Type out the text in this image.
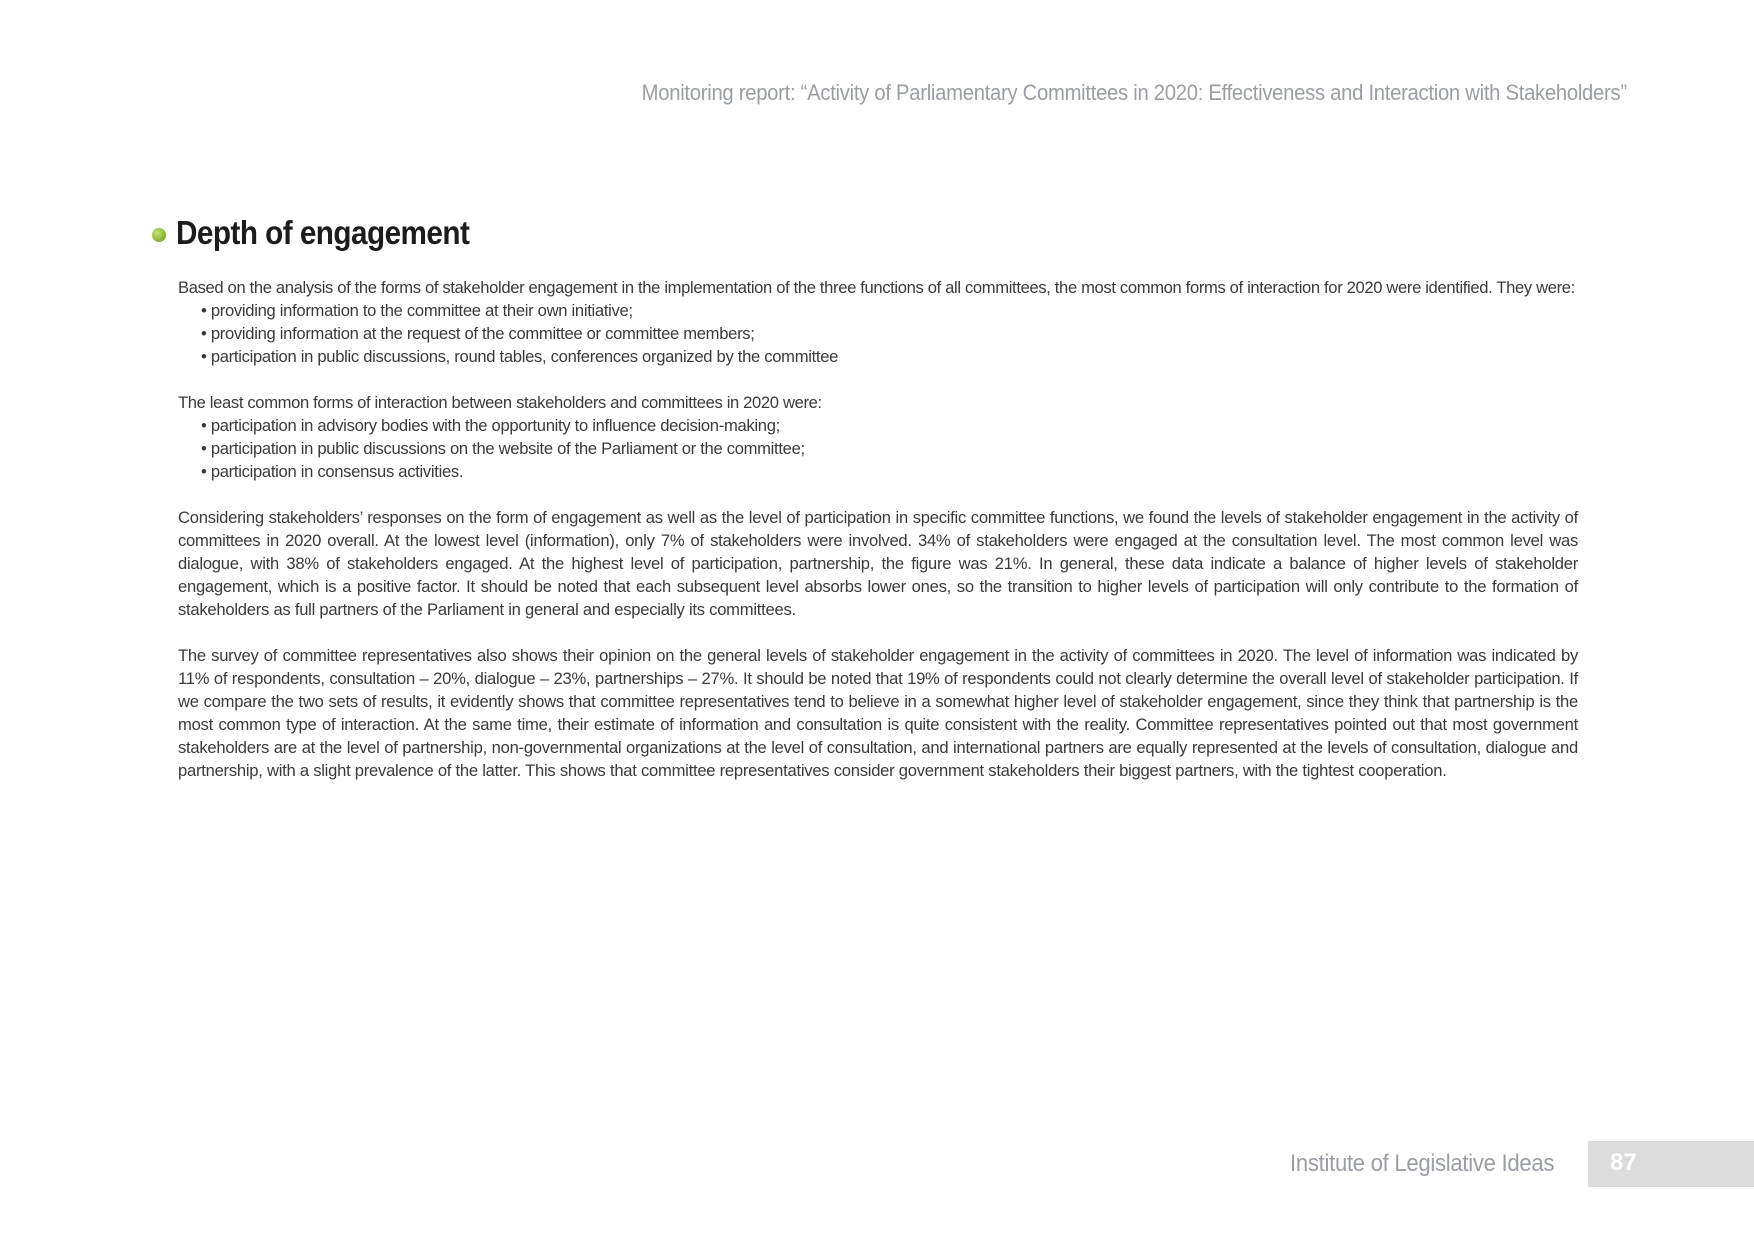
Monitoring report: “Activity of Parliamentary Committees in 2020: Effectiveness and Interaction with Stakeholders”
Depth of engagement

Based on the analysis of the forms of stakeholder engagement in the implementation of the three functions of all committees, the most common forms of interaction for 2020 were identified. They were:

• providing information to the committee at their own initiative;
• providing information at the request of the committee or committee members;
• participation in public discussions, round tables, conferences organized by the committee

The least common forms of interaction between stakeholders and committees in 2020 were:

• participation in advisory bodies with the opportunity to influence decision-making;
• participation in public discussions on the website of the Parliament or the committee;
• participation in consensus activities.

Considering stakeholders’ responses on the form of engagement as well as the level of participation in specific committee functions, we found the levels of stakeholder engagement in the activity of committees in 2020 overall. At the lowest level (information), only 7% of stakeholders were involved. 34% of stakeholders were engaged at the consultation level. The most common level was dialogue, with 38% of stakeholders engaged. At the highest level of participation, partnership, the figure was 21%. In general, these data indicate a balance of higher levels of stakeholder engagement, which is a positive factor. It should be noted that each subsequent level absorbs lower ones, so the transition to higher levels of participation will only contribute to the formation of stakeholders as full partners of the Parliament in general and especially its committees.

The survey of committee representatives also shows their opinion on the general levels of stakeholder engagement in the activity of committees in 2020. The level of information was indicated by 11% of respondents, consultation – 20%, dialogue – 23%, partnerships – 27%. It should be noted that 19% of respondents could not clearly determine the overall level of stakeholder participation. If we compare the two sets of results, it evidently shows that committee representatives tend to believe in a somewhat higher level of stakeholder engagement, since they think that partnership is the most common type of interaction. At the same time, their estimate of information and consultation is quite consistent with the reality. Committee representatives pointed out that most government stakeholders are at the level of partnership, non-governmental organizations at the level of consultation, and international partners are equally represented at the levels of consultation, dialogue and partnership, with a slight prevalence of the latter. This shows that committee representatives consider government stakeholders their biggest partners, with the tightest cooperation.

Institute of Legislative Ideas 87
